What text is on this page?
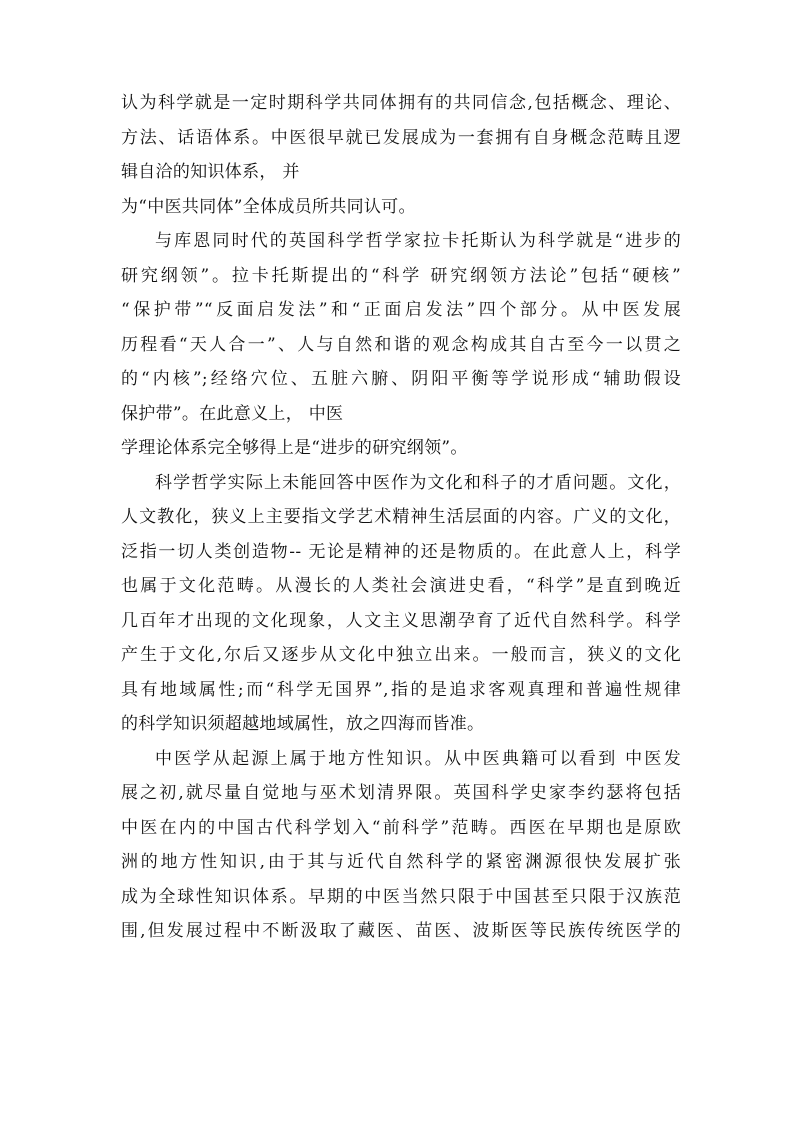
认为科学就是一定时期科学共同体拥有的共同信念,包括概念、理论、
方法、话语体系。中医很早就已发展成为一套拥有自身概念范畴且逻
辑自洽的知识体系， 并
为“中医共同体”全体成员所共同认可。
与库恩同时代的英国科学哲学家拉卡托斯认为科学就是“进步的
研究纲领”。拉卡托斯提出的“科学 研究纲领方法论”包括“硬核”
“保护带”“反面启发法”和“正面启发法”四个部分。从中医发展
历程看“天人合一”、人与自然和谐的观念构成其自古至今一以贯之
的“内核”;经络穴位、五脏六腑、阴阳平衡等学说形成“辅助假设
保护带”。在此意义上， 中医
学理论体系完全够得上是“进步的研究纲领”。
科学哲学实际上未能回答中医作为文化和科子的才盾问题。文化，
人文教化，狭义上主要指文学艺术精神生活层面的内容。广义的文化，
泛指一切人类创造物-- 无论是精神的还是物质的。在此意人上，科学
也属于文化范畴。从漫长的人类社会演进史看，“科学”是直到晚近
几百年才出现的文化现象，人文主义思潮孕育了近代自然科学。科学
产生于文化,尔后又逐步从文化中独立出来。一般而言，狭义的文化
具有地域属性;而“科学无国界”,指的是追求客观真理和普遍性规律
的科学知识须超越地域属性，放之四海而皆准。
中医学从起源上属于地方性知识。从中医典籍可以看到 中医发
展之初,就尽量自觉地与巫术划清界限。英国科学史家李约瑟将包括
中医在内的中国古代科学划入“前科学”范畴。西医在早期也是原欧
洲的地方性知识,由于其与近代自然科学的紧密渊源很快发展扩张
成为全球性知识体系。早期的中医当然只限于中国甚至只限于汉族范
围,但发展过程中不断汲取了藏医、苗医、波斯医等民族传统医学的
